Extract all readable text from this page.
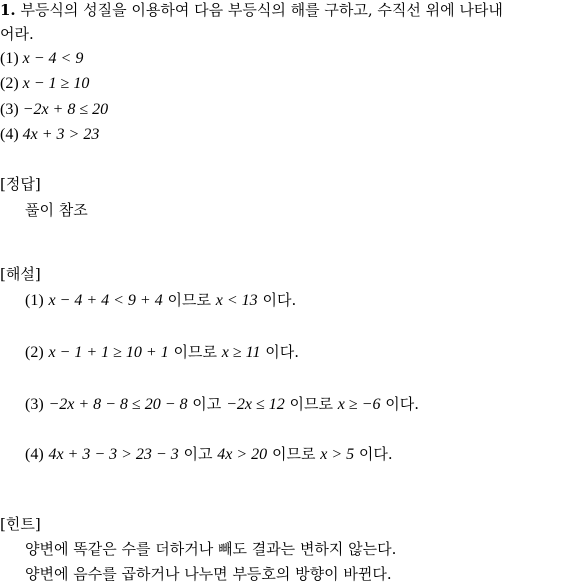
1. 부등식의 성질을 이용하여 다음 부등식의 해를 구하고, 수직선 위에 나타내
어라.
(1) x − 4 < 9
(2) x − 1 ≥ 10
(3) −2x + 8 ≤ 20
(4) 4x + 3 > 23
[정답]
풀이 참조
[해설]
(1) x − 4 + 4 < 9 + 4 이므로 x < 13 이다.
(2) x − 1 + 1 ≥ 10 + 1 이므로 x ≥ 11 이다.
(3) −2x + 8 − 8 ≤ 20 − 8 이고 −2x ≤ 12 이므로 x ≥ −6 이다.
(4) 4x + 3 − 3 > 23 − 3 이고 4x > 20 이므로 x > 5 이다.
[힌트]
양변에 똑같은 수를 더하거나 빼도 결과는 변하지 않는다.
양변에 음수를 곱하거나 나누면 부등호의 방향이 바뀐다.
